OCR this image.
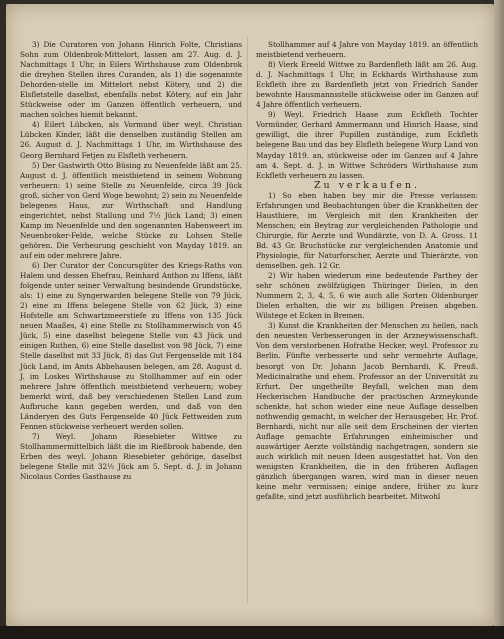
3) Die Curatoren von Johann Hinrich Folte, Christians Sohn zum Oldenbrok-Mittelort, lassen am 27. Aug. d. J. Nachmittags 1 Uhr, in Eilers Wirthshause zum Oldenbrok die dreyhen Stellen ihres Curanden, als 1) die sogenannte Dehorden-stelle im Mittelort nebst Kötery, und 2) die Elsfletstelle daselbst, ebenfalls nebst Kötery, auf ein Jahr Stückweise oder im Ganzen öffentlich verheuern, und machen solches hiemit bekannt.

4) Eilert Lübcken, als Vormund über weyl. Christian Lübcken Kinder, läßt die denselben zuständig Stellen am 26. August d. J. Nachmittags 1 Uhr, im Wirthshause des Georg Bernhard Fetjen zu Elsfleth verheuern.

5) Der Gastwirth Otto Büsing zu Neuenfelde läßt am 25. August d. J. öffentlich meistbietend in seinem Wohnung verheuern: 1) seine Stelle zu Neuenfelde, circa 39 Jück groß, sicher von Gerd Woge bewohnt; 2) sein zu Neuenfelde belegenes Haus, zur Wirthschaft und Handlung eingerichtet, nebst Stallung und 7½ Jück Land; 3) einen Kamp im Neuenfelde und den sogenannten Habenweert im Neuenbroker-Felde, welche Stücke zu Lohsen Stelle gehören. Die Verheurung geschieht von Mayday 1819. an auf ein oder mehrere Jahre.

6) Der Curator der Concursgüter des Kriegs-Raths von Halem und dessen Ehefrau, Reinhard Anthon zu Iffens, läßt folgende unter seiner Verwaltung besindende Grundstücke, als: 1) eine zu Syngerwarden belegene Stelle von 79 Jück, 2) eine zu Iffens belegene Stelle von 62 Jück, 3) eine Hofstelle am Schwartzmeerstiefe zu Iffens von 135 Jück neuen Maaßes, 4) eine Stelle zu Stollhammerwisch von 45 Jück, 5) eine daselbst belegene Stelle von 43 Jück und einigen Ruthen, 6) eine Stelle daselbst von 98 Jück, 7) eine Stelle daselbst mit 33 Jück, 8) das Gut Fergenselde mit 184 Jück Land, im Amts Abbehausen belegen, am 28. August d. J. im Loskes Wirthshause zu Stollhammer auf ein oder mehrere Jahre öffentlich meistbietend verheuern; wobey bemerkt wird, daß bey verschiedenen Stellen Land zum Aufbruche kann gegeben werden, und daß von den Länderyen des Guts Fergenselde 40 Jück Fettweiden zum Fennen stückweise verheuert werden sollen.

7) Weyl. Johann Riesebieter Wittwe zu Stollhammermittelbich läßt die im Rießbrook habende, den Erben des weyl. Johann Riesebieter gehörige, daselbst belegene Stelle mit 32½ Jück am 5. Sept. d. J. in Johann Nicolaus Cordes Gasthause zu

Stollhammer auf 4 Jahre von Mayday 1819. an öffentlich meistbietend verheuern.

8) Vierk Ereeld Wittwe zu Bardenfleth läßt am 26. Aug. d. J. Nachmittags 1 Uhr, in Eckhards Wirthshause zum Eckfleth ihre zu Bardenfleth jetzt von Friedrich Sander bewohnte Hausmannsstelle stückweise oder im Ganzen auf 4 Jahre öffentlich verheuern.

9) Weyl. Friedrich Haase zum Eckfleth Tochter Vormünder, Gerhard Ammermann und Hinrich Haase, sind gewilligt, die ihrer Pupillen zuständige, zum Eckfleth belegene Bau und das bey Elsfleth belegene Wurp Land von Mayday 1819. an, stückweise oder im Ganzen auf 4 Jahre am 4. Sept. d. J. in Wittwe Schröders Wirthshause zum Eckfleth verheuern zu lassen.

Zu verkaufen.

1) So eben haben bey mir die Presse verlassen: Erfahrungen und Beobachtungen über die Krankheiten der Hausthiere, im Vergleich mit den Krankheiten der Menschen; ein Beytrag zur vergleichenden Pathologie und Chirurgie, für Aerzte und Wundärzte, von D. A. Gross. 11 Bd. 43 Gr. Bruchstücke zur vergleichenden Anatomie und Physiologie, für Naturforscher, Aerzte und Thierärzte, von demselben. geh. 12 Gr.

2) Wir haben wiederum eine bedeutende Parthey der sehr schönen zwölfzügigen Thüringer Dielen, in den Nummern 2, 3, 4, 5, 6 wie auch alle Sorten Oldenburger Dielen erhalten, die wir zu billigen Preisen abgeben. Wilstege et Ecken in Bremen.

3) Kunst die Krankheiten der Menschen zu heilen, nach den neuesten Verbesserungen in der Arzneywissenschaft. Von dem verstorbenen Hofrathe Hecker, weyl. Professor zu Berlin. Fünfte verbesserte und sehr vermehrte Auflage, besorgt von Dr. Johann Jacob Bernhardi, K. Preuß. Medicinalrathe und ehem. Professor an der Universität zu Erfurt. Der ungetheilte Beyfall, welchen man dem Heckerischen Handbuche der practischen Arzneykunde schenkte, hat schon wieder eine neue Auflage desselben nothwendig gemacht, in welcher der Herausgeber, Hr. Prof. Bernhardi, nicht nur alle seit dem Erscheinen der vierten Auflage gemachte Erfahrungen einheimischer und auswärtiger Aerzte vollständig nachgetragen, sondern sie auch wirklich mit neuen Ideen ausgestattet hat. Von den wenigsten Krankheiten, die in den früheren Auflagen gänzlich übergangen waren, wird man in dieser neuen keine mehr vermissen; einige andere, früher zu kurz gefaßte, sind jetzt ausführlich bearbeitet. Mitwohl
